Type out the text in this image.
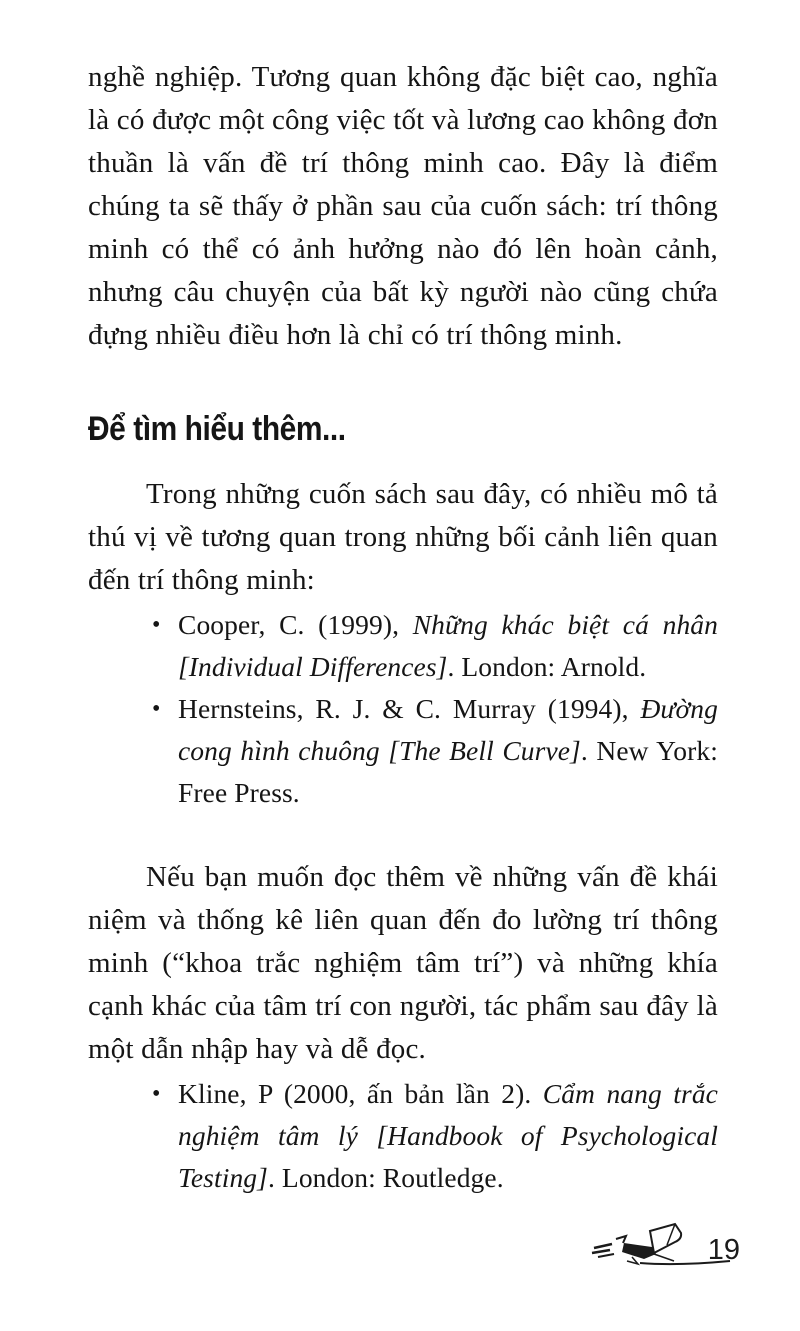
nghề nghiệp. Tương quan không đặc biệt cao, nghĩa là có được một công việc tốt và lương cao không đơn thuần là vấn đề trí thông minh cao. Đây là điểm chúng ta sẽ thấy ở phần sau của cuốn sách: trí thông minh có thể có ảnh hưởng nào đó lên hoàn cảnh, nhưng câu chuyện của bất kỳ người nào cũng chứa đựng nhiều điều hơn là chỉ có trí thông minh.

Để tìm hiểu thêm...

Trong những cuốn sách sau đây, có nhiều mô tả thú vị về tương quan trong những bối cảnh liên quan đến trí thông minh:

• Cooper, C. (1999), Những khác biệt cá nhân [Individual Differences]. London: Arnold.
• Hernsteins, R. J. & C. Murray (1994), Đường cong hình chuông [The Bell Curve]. New York: Free Press.

Nếu bạn muốn đọc thêm về những vấn đề khái niệm và thống kê liên quan đến đo lường trí thông minh (“khoa trắc nghiệm tâm trí”) và những khía cạnh khác của tâm trí con người, tác phẩm sau đây là một dẫn nhập hay và dễ đọc.

• Kline, P (2000, ấn bản lần 2). Cẩm nang trắc nghiệm tâm lý [Handbook of Psychological Testing]. London: Routledge.
19
